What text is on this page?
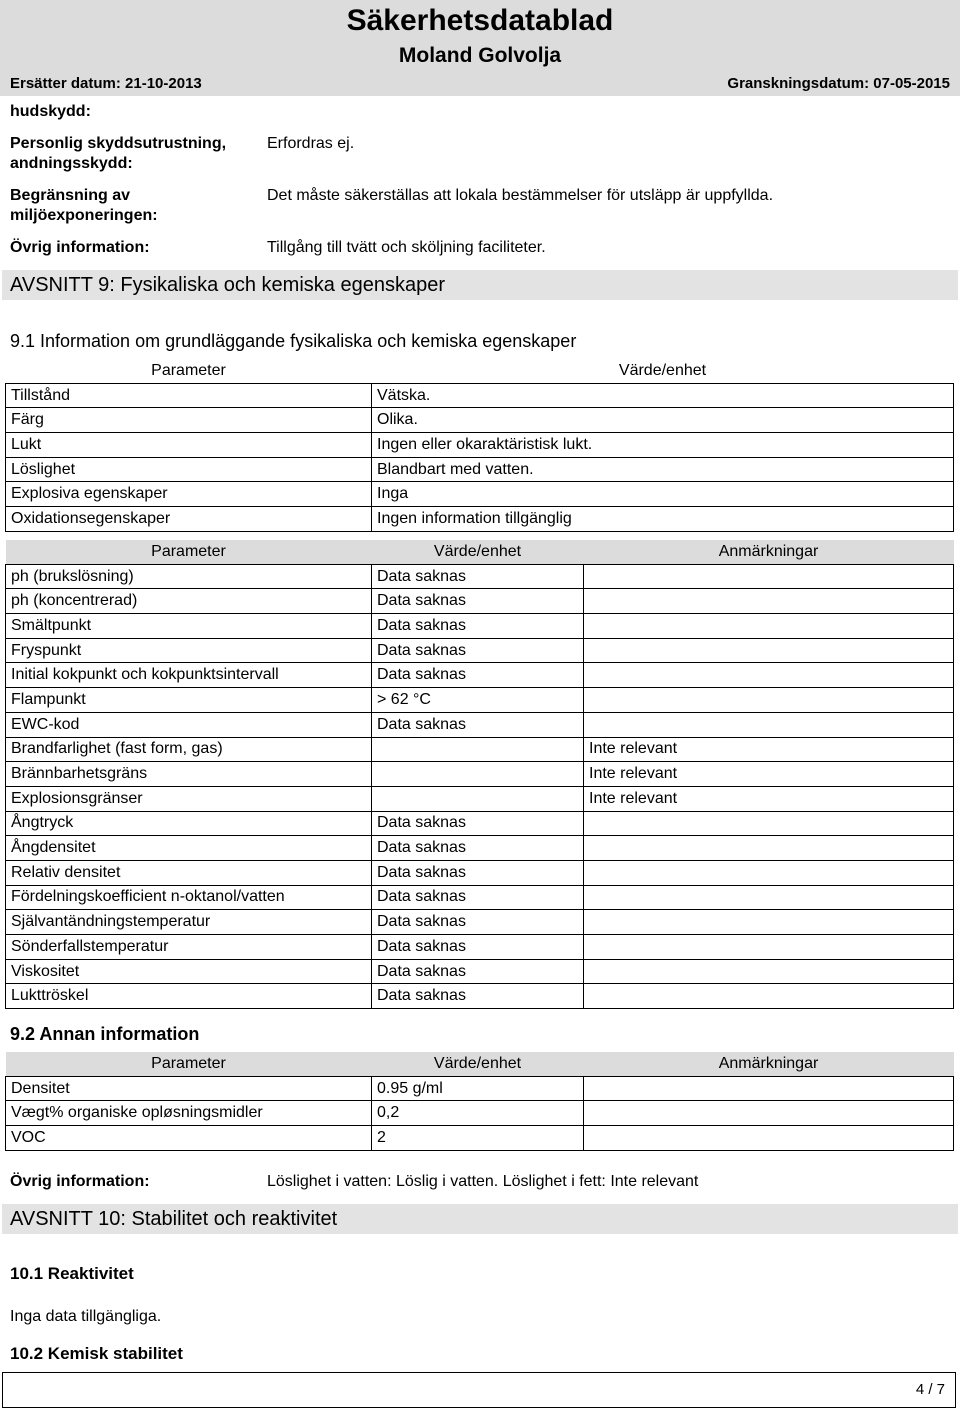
Säkerhetsdatablad
Moland Golvolja
Ersätter datum: 21-10-2013	Granskningsdatum: 07-05-2015
hudskydd:
Personlig skyddsutrustning, andningsskydd:
Erfordras ej.
Begränsning av miljöexponeringen:
Det måste säkerställas att lokala bestämmelser för utsläpp är uppfyllda.
Övrig information:	Tillgång till tvätt och sköljning faciliteter.
AVSNITT 9: Fysikaliska och kemiska egenskaper
9.1 Information om grundläggande fysikaliska och kemiska egenskaper
Parameter	Värde/enhet
Tillstånd	Vätska.
Färg	Olika.
Lukt	Ingen eller okaraktäristisk lukt.
Löslighet	Blandbart med vatten.
Explosiva egenskaper	Inga
Oxidationsegenskaper	Ingen information tillgänglig
Parameter	Värde/enhet	Anmärkningar
ph (brukslösning)	Data saknas	
ph (koncentrerad)	Data saknas	
Smältpunkt	Data saknas	
Fryspunkt	Data saknas	
Initial kokpunkt och kokpunktsintervall	Data saknas	
Flampunkt	> 62 °C	
EWC-kod	Data saknas	
Brandfarlighet (fast form, gas)		Inte relevant
Brännbarhetsgräns		Inte relevant
Explosionsgränser		Inte relevant
Ångtryck	Data saknas	
Ångdensitet	Data saknas	
Relativ densitet	Data saknas	
Fördelningskoefficient n-oktanol/vatten	Data saknas	
Självantändningstemperatur	Data saknas	
Sönderfallstemperatur	Data saknas	
Viskositet	Data saknas	
Lukttröskel	Data saknas	
9.2 Annan information
Parameter	Värde/enhet	Anmärkningar
Densitet	0.95 g/ml	
Vægt% organiske opløsningsmidler	0,2	
VOC	2	
Övrig information:	Löslighet i vatten: Löslig i vatten. Löslighet i fett: Inte relevant
AVSNITT 10: Stabilitet och reaktivitet
10.1 Reaktivitet
Inga data tillgängliga.
10.2 Kemisk stabilitet
4 / 7
